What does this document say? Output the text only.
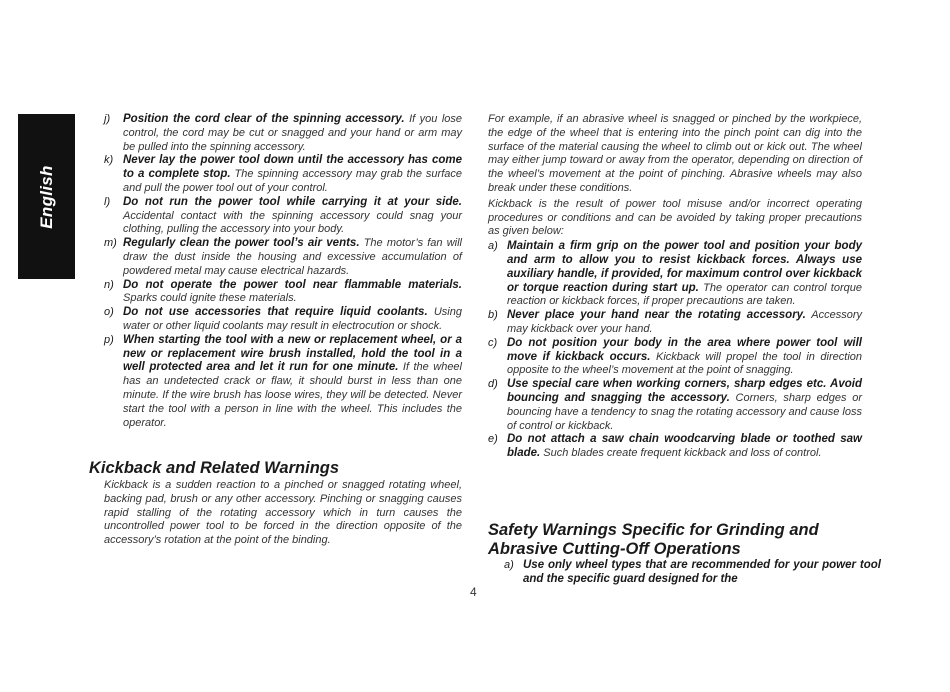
English
j) Position the cord clear of the spinning accessory. If you lose control, the cord may be cut or snagged and your hand or arm may be pulled into the spinning accessory.

k) Never lay the power tool down until the accessory has come to a complete stop. The spinning accessory may grab the surface and pull the power tool out of your control.

l) Do not run the power tool while carrying it at your side. Accidental contact with the spinning accessory could snag your clothing, pulling the accessory into your body.

m) Regularly clean the power tool’s air vents. The motor’s fan will draw the dust inside the housing and excessive accumulation of powdered metal may cause electrical hazards.

n) Do not operate the power tool near flammable materials. Sparks could ignite these materials.

o) Do not use accessories that require liquid coolants. Using water or other liquid coolants may result in electrocution or shock.

p) When starting the tool with a new or replacement wheel, or a new or replacement wire brush installed, hold the tool in a well protected area and let it run for one minute. If the wheel has an undetected crack or flaw, it should burst in less than one minute. If the wire brush has loose wires, they will be detected. Never start the tool with a person in line with the wheel. This includes the operator.

Kickback and Related Warnings

Kickback is a sudden reaction to a pinched or snagged rotating wheel, backing pad, brush or any other accessory. Pinching or snagging causes rapid stalling of the rotating accessory which in turn causes the uncontrolled power tool to be forced in the direction opposite of the accessory’s rotation at the point of the binding.

For example, if an abrasive wheel is snagged or pinched by the workpiece, the edge of the wheel that is entering into the pinch point can dig into the surface of the material causing the wheel to climb out or kick out. The wheel may either jump toward or away from the operator, depending on direction of the wheel’s movement at the point of pinching. Abrasive wheels may also break under these conditions.

Kickback is the result of power tool misuse and/or incorrect operating procedures or conditions and can be avoided by taking proper precautions as given below:

a) Maintain a firm grip on the power tool and position your body and arm to allow you to resist kickback forces. Always use auxiliary handle, if provided, for maximum control over kickback or torque reaction during start up. The operator can control torque reaction or kickback forces, if proper precautions are taken.

b) Never place your hand near the rotating accessory. Accessory may kickback over your hand.

c) Do not position your body in the area where power tool will move if kickback occurs. Kickback will propel the tool in direction opposite to the wheel’s movement at the point of snagging.

d) Use special care when working corners, sharp edges etc. Avoid bouncing and snagging the accessory. Corners, sharp edges or bouncing have a tendency to snag the rotating accessory and cause loss of control or kickback.

e) Do not attach a saw chain woodcarving blade or toothed saw blade. Such blades create frequent kickback and loss of control.

Safety Warnings Specific for Grinding and Abrasive Cutting-Off Operations
a) Use only wheel types that are recommended for your power tool and the specific guard designed for the

4
